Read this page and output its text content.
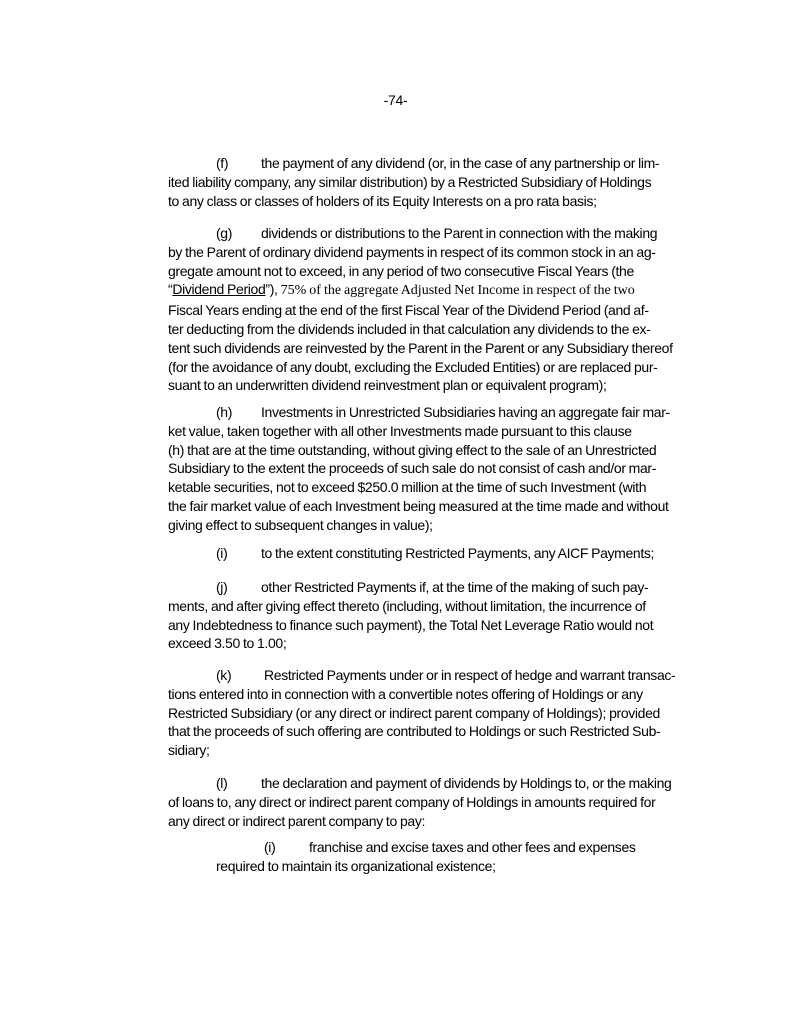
-74-
(f) the payment of any dividend (or, in the case of any partnership or lim-
ited liability company, any similar distribution) by a Restricted Subsidiary of Holdings
to any class or classes of holders of its Equity Interests on a pro rata basis;
(g) dividends or distributions to the Parent in connection with the making
by the Parent of ordinary dividend payments in respect of its common stock in an ag-
gregate amount not to exceed, in any period of two consecutive Fiscal Years (the
“Dividend Period”), 75% of the aggregate Adjusted Net Income in respect of the two
Fiscal Years ending at the end of the first Fiscal Year of the Dividend Period (and af-
ter deducting from the dividends included in that calculation any dividends to the ex-
tent such dividends are reinvested by the Parent in the Parent or any Subsidiary thereof
(for the avoidance of any doubt, excluding the Excluded Entities) or are replaced pur-
suant to an underwritten dividend reinvestment plan or equivalent program);
(h) Investments in Unrestricted Subsidiaries having an aggregate fair mar-
ket value, taken together with all other Investments made pursuant to this clause
(h) that are at the time outstanding, without giving effect to the sale of an Unrestricted
Subsidiary to the extent the proceeds of such sale do not consist of cash and/or mar-
ketable securities, not to exceed $250.0 million at the time of such Investment (with
the fair market value of each Investment being measured at the time made and without
giving effect to subsequent changes in value);
(i) to the extent constituting Restricted Payments, any AICF Payments;
(j) other Restricted Payments if, at the time of the making of such pay-
ments, and after giving effect thereto (including, without limitation, the incurrence of
any Indebtedness to finance such payment), the Total Net Leverage Ratio would not
exceed 3.50 to 1.00;
(k) Restricted Payments under or in respect of hedge and warrant transac-
tions entered into in connection with a convertible notes offering of Holdings or any
Restricted Subsidiary (or any direct or indirect parent company of Holdings); provided
that the proceeds of such offering are contributed to Holdings or such Restricted Sub-
sidiary;
(l) the declaration and payment of dividends by Holdings to, or the making
of loans to, any direct or indirect parent company of Holdings in amounts required for
any direct or indirect parent company to pay:
(i) franchise and excise taxes and other fees and expenses
required to maintain its organizational existence;
